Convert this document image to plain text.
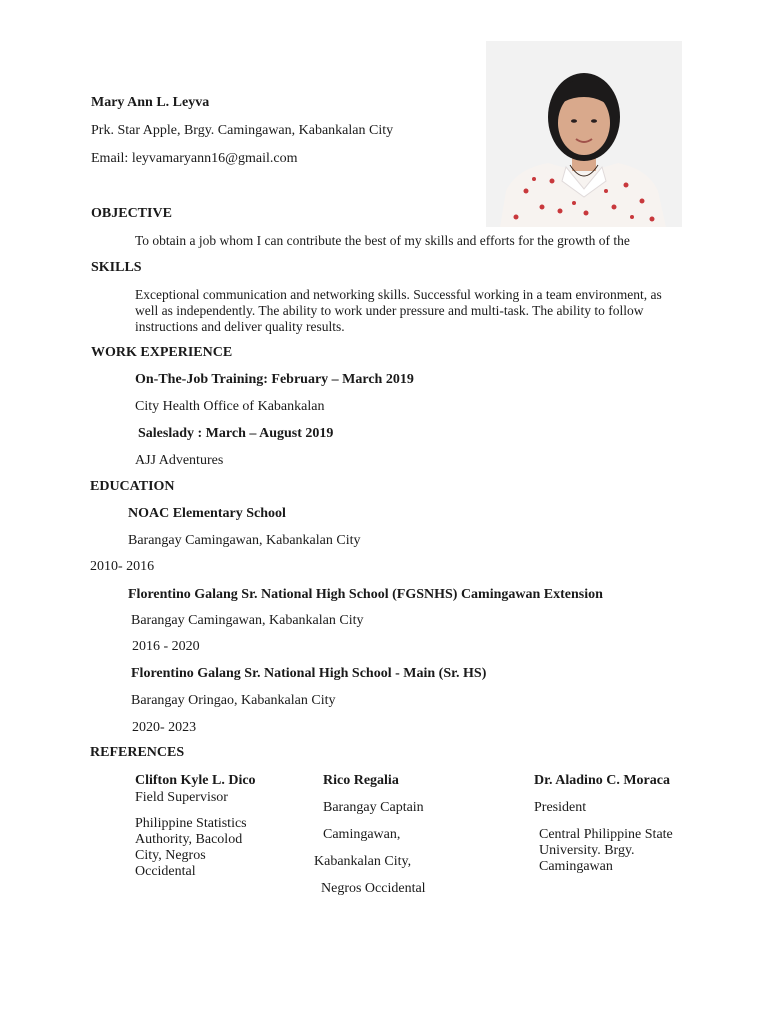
Mary Ann L. Leyva
Prk. Star Apple, Brgy. Camingawan, Kabankalan City
Email: leyvamaryann16@gmail.com
OBJECTIVE
To obtain a job whom I can contribute the best of my skills and efforts for the growth of the
SKILLS
Exceptional communication and networking skills. Successful working in a team environment, as well as independently. The ability to work under pressure and multi-task. The ability to follow instructions and deliver quality results.
WORK EXPERIENCE
On-The-Job Training: February – March 2019
City Health Office of Kabankalan
Saleslady : March – August 2019
AJJ Adventures
EDUCATION
NOAC Elementary School
Barangay Camingawan, Kabankalan City
2010- 2016
Florentino Galang Sr. National High School (FGSNHS) Camingawan Extension
Barangay Camingawan, Kabankalan City
2016 - 2020
Florentino Galang Sr. National High School - Main (Sr. HS)
Barangay Oringao, Kabankalan City
2020- 2023
REFERENCES
Clifton Kyle L. Dico
Field Supervisor
Philippine Statistics Authority, Bacolod City, Negros Occidental
Rico Regalia
Barangay Captain
Camingawan,
Kabankalan City,
Negros Occidental
Dr. Aladino C. Moraca
President
Central Philippine State University. Brgy. Camingawan
